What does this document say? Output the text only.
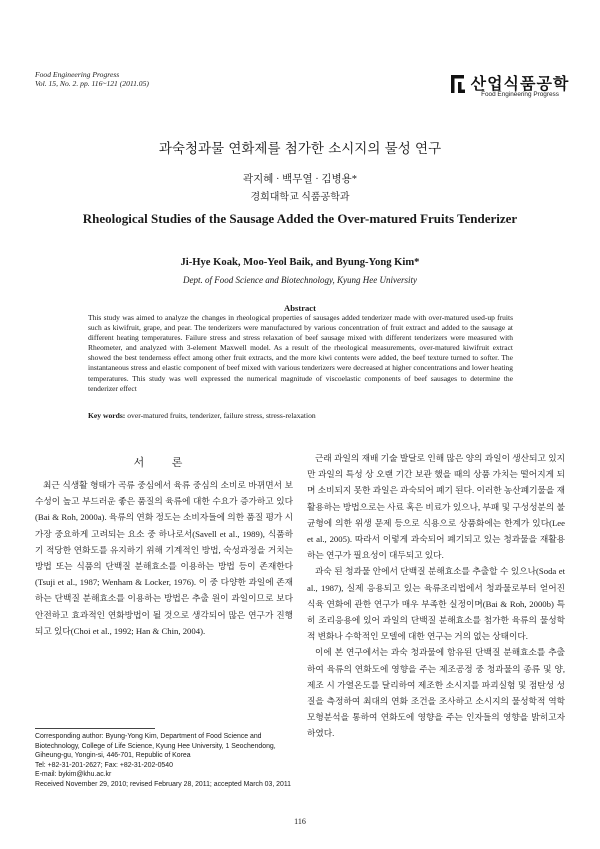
Food Engineering Progress
Vol. 15, No. 2. pp. 116~121 (2011.05)	산업식품공학
Food Engineering Progress
과숙청과물 연화제를 첨가한 소시지의 물성 연구
곽지혜 · 백무열 · 김병용*
경희대학교 식품공학과
Rheological Studies of the Sausage Added the Over-matured Fruits Tenderizer
Ji-Hye Koak, Moo-Yeol Baik, and Byung-Yong Kim*
Dept. of Food Science and Biotechnology, Kyung Hee University
Abstract
This study was aimed to analyze the changes in rheological properties of sausages added tenderizer made with over-matured used-up fruits such as kiwifruit, grape, and pear. The tenderizers were manufactured by various concentration of fruit extract and added to the sausage at different heating temperatures. Failure stress and stress relaxation of beef sausage mixed with different tenderizers were measured with Rheometer, and analyzed with 3-element Maxwell model. As a result of the rheological measurements, over-matured kiwifruit extract showed the best tenderness effect among other fruit extracts, and the more kiwi contents were added, the beef texture turned to softer. The instantaneous stress and elastic component of beef mixed with various tenderizers were decreased at higher concentrations and lower heating temperatures. This study was well expressed the numerical magnitude of viscoelastic components of beef sausages to determine the tenderizer effect
Key words: over-matured fruits, tenderizer, failure stress, stress-relaxation
서 론
최근 식생활 형태가 곡류 중심에서 육류 중심의 소비로 바뀌면서 보수성이 높고 부드러운 좋은 품질의 육류에 대한 수요가 증가하고 있다(Bai & Roh, 2000a). 육류의 연화 정도는 소비자들에 의한 품질 평가 시 가장 중요하게 고려되는 요소 중 하나로서(Savell et al., 1989), 식품하기 적당한 연화도를 유지하기 위해 기계적인 방법, 숙성과정을 거치는 방법 또는 식품의 단백질 분해효소를 이용하는 방법 등이 존재한다(Tsuji et al., 1987; Wenham & Locker, 1976). 이 중 다양한 과일에 존재하는 단백질 분해효소를 이용하는 방법은 추출 원이 과일이므로 보다 안전하고 효과적인 연화방법이 될 것으로 생각되어 많은 연구가 진행되고 있다(Choi et al., 1992; Han & Chin, 2004).

근래 과일의 재배 기술 발달로 인해 많은 양의 과일이 생산되고 있지만 과일의 특성 상 오랜 기간 보관 했을 때의 상품 가치는 떨어지게 되며 소비되지 못한 과일은 과숙되어 폐기 된다. 이러한 농산폐기물을 재활용하는 방법으로는 사료 혹은 비료가 있으나, 부패 및 구성성분의 불균형에 의한 위생 문제 등으로 식용으로 상품화에는 한계가 있다(Lee et al., 2005). 따라서 이렇게 과숙되어 폐기되고 있는 청과물을 재활용하는 연구가 필요성이 대두되고 있다.

과숙 된 청과물 안에서 단백질 분해효소를 추출할 수 있으나(Soda et al., 1987), 실제 응용되고 있는 육류조리법에서 청과물로부터 얻어진 식육 연화에 관한 연구가 매우 부족한 실정이며(Bai & Roh, 2000b) 특히 조리응용에 있어 과일의 단백질 분해효소를 첨가한 육류의 물성학적 변화나 수학적인 모델에 대한 연구는 거의 없는 상태이다.

이에 본 연구에서는 과숙 청과물에 함유된 단백질 분해효소를 추출하여 육류의 연화도에 영향을 주는 제조공정 중 청과물의 종류 및 양, 제조 시 가열온도를 달리하여 제조한 소시지를 파괴실험 및 점탄성 성질을 측정하여 최대의 연화 조건을 조사하고 소시지의 물성학적 역학모형분석을 통하여 연화도에 영향을 주는 인자들의 영향을 밝히고자 하였다.

Corresponding author: Byung-Yong Kim, Department of Food Science and Biotechnology, College of Life Science, Kyung Hee University, 1 Seochendong, Giheung-gu, Yongin-si, 446-701, Republic of Korea
Tel: +82-31-201-2627; Fax: +82-31-202-0540
E-mail: bykim@khu.ac.kr
Received November 29, 2010; revised February 28, 2011; accepted March 03, 2011
116
